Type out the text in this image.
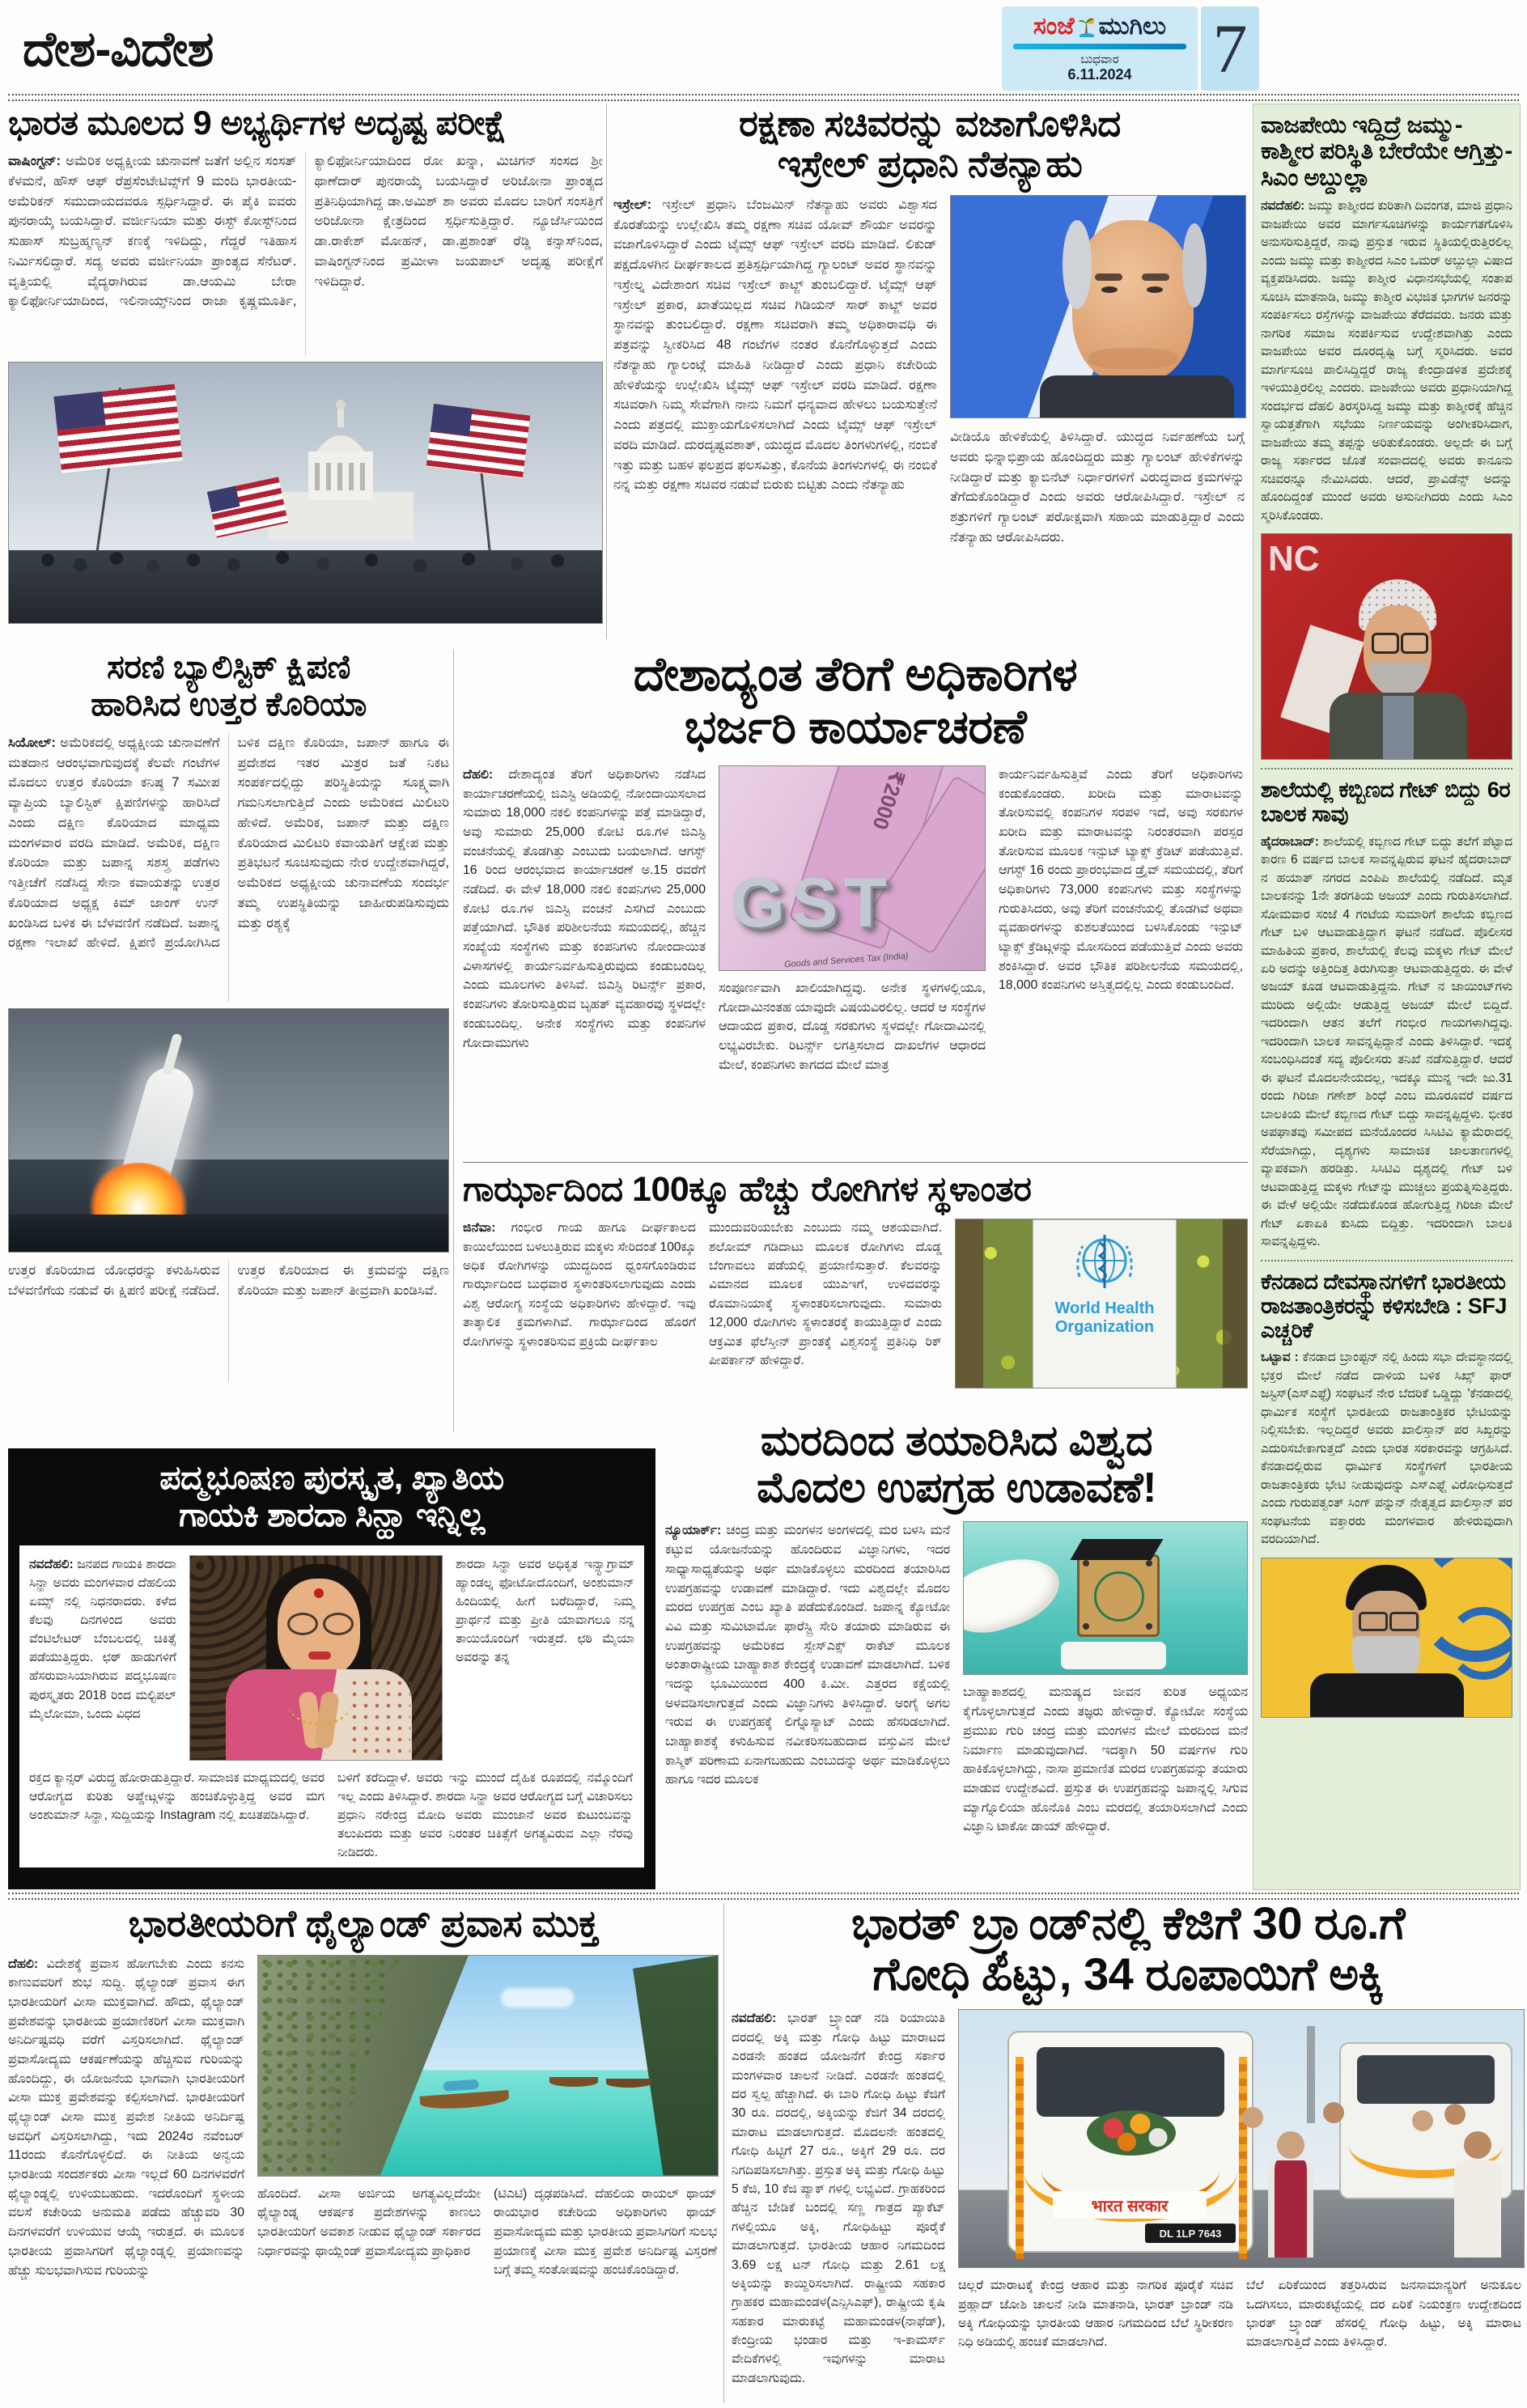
ದೇಶ-ವಿದೇಶ	ಸಂಜೆ ಮುಗಿಲು
ಬುಧವಾರ
6.11.2024	7
ಭಾರತ ಮೂಲದ 9 ಅಭ್ಯರ್ಥಿಗಳ ಅದೃಷ್ಟ ಪರೀಕ್ಷೆ

ವಾಷಿಂಗ್ಟನ್: ಅಮೆರಿಕ ಅಧ್ಯಕ್ಷೀಯ ಚುನಾವಣೆ ಜತೆಗೆ ಅಲ್ಲಿನ ಸಂಸತ್ ಕೆಳಮನೆ, ಹೌಸ್ ಆಫ್ ರೆಪ್ರಸೆಂಟೇಟಿವ್ಸ್‌ಗೆ 9 ಮಂದಿ ಭಾರತೀಯ-ಅಮೆರಿಕನ್ ಸಮುದಾಯದವರೂ ಸ್ಪರ್ಧಿಸಿದ್ದಾರೆ. ಈ ಪೈಕಿ ಐವರು ಪುನರಾಯ್ಕೆ ಬಯಸಿದ್ದಾರೆ. ವರ್ಜೀನಿಯಾ ಮತ್ತು ಈಸ್ಟ್ ಕೋಸ್ಟ್‌ನಿಂದ ಸುಹಾಸ್ ಸುಬ್ರಹ್ಮಣ್ಯನ್ ಕಣಕ್ಕೆ ಇಳಿದಿದ್ದು, ಗೆದ್ದರೆ ಇತಿಹಾಸ ನಿರ್ಮಿಸಲಿದ್ದಾರೆ. ಸದ್ಯ ಅವರು ವರ್ಜೀನಿಯಾ ಪ್ರಾಂತ್ಯದ ಸೆನೆಟರ್. ವೃತ್ತಿಯಲ್ಲಿ ವೈದ್ಯರಾಗಿರುವ ಡಾ.ಆಯಮಿ ಬೇರಾ ಕ್ಯಾಲಿಫೋರ್ನಿಯಾದಿಂದ, ಇಲಿನಾಯ್ಸ್‌ನಿಂದ ರಾಜಾ ಕೃಷ್ಣಮೂರ್ತಿ, ಕ್ಯಾಲಿಫೋರ್ನಿಯಾದಿಂದ ರೋ ಖನ್ನಾ, ಮಿಚಿಗನ್ ಸಂಸದ ಶ್ರೀ ಥಾಣೆದಾರ್ ಪುನರಾಯ್ಕೆ ಬಯಸಿದ್ದಾರೆ ಅರಿಜೋನಾ ಪ್ರಾಂತ್ಯದ ಪ್ರತಿನಿಧಿಯಾಗಿದ್ದ ಡಾ.ಅಮಿಶ್ ಶಾ ಅವರು ಮೊದಲ ಬಾರಿಗೆ ಸಂಸತ್ತಿಗೆ ಅರಿಜೋನಾ ಕ್ಷೇತ್ರದಿಂದ ಸ್ಪರ್ಧಿಸುತ್ತಿದ್ದಾರೆ. ನ್ಯೂಜೆರ್ಸಿಯಿಂದ ಡಾ.ರಾಕೇಶ್ ಮೋಹನ್, ಡಾ.ಪ್ರಶಾಂತ್ ರೆಡ್ಡಿ ಕನ್ಸಾಸ್‌ನಿಂದ, ವಾಷಿಂಗ್ಟನ್‌ನಿಂದ ಪ್ರಮೀಳಾ ಜಯಪಾಲ್ ಅದೃಷ್ಟ ಪರೀಕ್ಷೆಗೆ ಇಳಿದಿದ್ದಾರೆ.

ರಕ್ಷಣಾ ಸಚಿವರನ್ನು ವಜಾಗೊಳಿಸಿದ
ಇಸ್ರೇಲ್ ಪ್ರಧಾನಿ ನೆತನ್ಯಾಹು
ಇಸ್ರೇಲ್: ಇಸ್ರೇಲ್ ಪ್ರಧಾನಿ ಬೆಂಜಮಿನ್ ನೆತನ್ಯಾಹು ಅವರು ವಿಶ್ವಾಸದ ಕೊರತೆಯನ್ನು ಉಲ್ಲೇಖಿಸಿ ತಮ್ಮ ರಕ್ಷಣಾ ಸಚಿವ ಯೋವ್ ಶೌರ್ಯ ಅವರನ್ನು ವಜಾಗೊಳಿಸಿದ್ದಾರೆ ಎಂದು ಟೈಮ್ಸ್ ಆಫ್ ಇಸ್ರೇಲ್ ವರದಿ ಮಾಡಿದೆ. ಲಿಕುಡ್ ಪಕ್ಷದೊಳಗಿನ ದೀರ್ಘಕಾಲದ ಪ್ರತಿಸ್ಪರ್ಧಿಯಾಗಿದ್ದ ಗ್ಯಾಲಂಟ್ ಅವರ ಸ್ಥಾನವನ್ನು ಇಸ್ರೇಲ್ನ ವಿದೇಶಾಂಗ ಸಚಿವ ಇಸ್ರೇಲ್ ಕಾಟ್ಜ್ ತುಂಬಲಿದ್ದಾರೆ. ಟೈಮ್ಸ್ ಆಫ್ ಇಸ್ರೇಲ್ ಪ್ರಕಾರ, ಖಾತೆಯಿಲ್ಲದ ಸಚಿವ ಗಿಡಿಯನ್ ಸಾರ್ ಕಾಟ್ಜ್ ಅವರ ಸ್ಥಾನವನ್ನು ತುಂಬಲಿದ್ದಾರೆ. ರಕ್ಷಣಾ ಸಚಿವರಾಗಿ ತಮ್ಮ ಅಧಿಕಾರಾವಧಿ ಈ ಪತ್ರವನ್ನು ಸ್ವೀಕರಿಸಿದ 48 ಗಂಟೆಗಳ ನಂತರ ಕೊನೆಗೊಳ್ಳುತ್ತದೆ ಎಂದು ನೆತನ್ಯಾಹು ಗ್ಯಾಲಂಟ್ಗೆ ಮಾಹಿತಿ ನೀಡಿದ್ದಾರೆ ಎಂದು ಪ್ರಧಾನಿ ಕಚೇರಿಯ ಹೇಳಿಕೆಯನ್ನು ಉಲ್ಲೇಖಿಸಿ ಟೈಮ್ಸ್ ಆಫ್ ಇಸ್ರೇಲ್ ವರದಿ ಮಾಡಿದೆ. ರಕ್ಷಣಾ ಸಚಿವರಾಗಿ ನಿಮ್ಮ ಸೇವೆಗಾಗಿ ನಾನು ನಿಮಗೆ ಧನ್ಯವಾದ ಹೇಳಲು ಬಯಸುತ್ತೇನೆ ಎಂದು ಪತ್ರದಲ್ಲಿ ಮುಕ್ತಾಯಗೊಳಿಸಲಾಗಿದೆ ಎಂದು ಟೈಮ್ಸ್ ಆಫ್ ಇಸ್ರೇಲ್ ವರದಿ ಮಾಡಿದೆ. ದುರದೃಷ್ಟವಶಾತ್, ಯುದ್ಧದ ಮೊದಲ ತಿಂಗಳುಗಳಲ್ಲಿ, ನಂಬಿಕೆ ಇತ್ತು ಮತ್ತು ಬಹಳ ಫಲಪ್ರದ ಫಲಸವಿತ್ತು, ಕೊನೆಯ ತಿಂಗಳುಗಳಲ್ಲಿ ಈ ನಂಬಿಕೆ ನನ್ನ ಮತ್ತು ರಕ್ಷಣಾ ಸಚಿವರ ನಡುವೆ ಬಿರುಕು ಬಿಟ್ಟಿತು ಎಂದು ನೆತನ್ಯಾಹು
ವೀಡಿಯೊ ಹೇಳಿಕೆಯಲ್ಲಿ ತಿಳಿಸಿದ್ದಾರೆ. ಯುದ್ಧದ ನಿರ್ವಹಣೆಯ ಬಗ್ಗೆ ಅವರು ಭಿನ್ನಾಭಿಪ್ರಾಯ ಹೊಂದಿದ್ದರು ಮತ್ತು ಗ್ಯಾಲಂಟ್ ಹೇಳಿಕೆಗಳನ್ನು ನೀಡಿದ್ದಾರೆ ಮತ್ತು ಕ್ಯಾಬಿನೆಟ್ ನಿರ್ಧಾರಗಳಿಗೆ ವಿರುದ್ಧವಾದ ಕ್ರಮಗಳನ್ನು ತೆಗೆದುಕೊಂಡಿದ್ದಾರೆ ಎಂದು ಅವರು ಆರೋಪಿಸಿದ್ದಾರೆ. ಇಸ್ರೇಲ್ ನ ಶತ್ರುಗಳಿಗೆ ಗ್ಯಾಲಂಟ್ ಪರೋಕ್ಷವಾಗಿ ಸಹಾಯ ಮಾಡುತ್ತಿದ್ದಾರೆ ಎಂದು ನೆತನ್ಯಾಹು ಆರೋಪಿಸಿದರು.
ವಾಜಪೇಯಿ ಇದ್ದಿದ್ರೆ ಜಮ್ಮು-ಕಾಶ್ಮೀರ ಪರಿಸ್ಥಿತಿ ಬೇರೆಯೇ ಆಗ್ತಿತ್ತು- ಸಿಎಂ ಅಬ್ದುಲ್ಲಾ
ನವದೆಹಲಿ: ಜಮ್ಮು ಕಾಶ್ಮೀರದ ಕುರಿತಾಗಿ ದಿವಂಗತ, ಮಾಜಿ ಪ್ರಧಾನಿ ವಾಜಪೇಯಿ ಅವರ ಮಾರ್ಗಸೂಚಿಗಳನ್ನು ಕಾರ್ಯಗತಗೊಳಿಸಿ ಅನುಸರಿಸುತ್ತಿದ್ದರೆ, ನಾವು ಪ್ರಸ್ತುತ ಇರುವ ಸ್ಥಿತಿಯಲ್ಲಿರುತ್ತಿರಲಿಲ್ಲ ಎಂದು ಜಮ್ಮು ಮತ್ತು ಕಾಶ್ಮೀರದ ಸಿಎಂ ಒಮರ್ ಅಬ್ದುಲ್ಲಾ ವಿಷಾದ ವ್ಯಕ್ತಪಡಿಸಿದರು. ಜಮ್ಮು ಕಾಶ್ಮೀರ ವಿಧಾನಸಭೆಯಲ್ಲಿ ಸಂತಾಪ ಸೂಚಿಸಿ ಮಾತನಾಡಿ, ಜಮ್ಮು ಕಾಶ್ಮೀರ ವಿಭಜಿತ ಭಾಗಗಳ ಜನರನ್ನು ಸಂಪರ್ಕಿಸಲು ರಸ್ತೆಗಳನ್ನು ವಾಜಪೇಯಿ ತೆರೆದವರು. ಜನರು ಮತ್ತು ನಾಗರಿಕ ಸಮಾಜ ಸಂಪರ್ಕಿಸುವ ಉದ್ದೇಶವಾಗಿತ್ತು ಎಂದು ವಾಜಪೇಯಿ ಅವರ ದೂರದೃಷ್ಟಿ ಬಗ್ಗೆ ಸ್ಮರಿಸಿದರು. ಅವರ ಮಾರ್ಗಸೂಚಿ ಪಾಲಿಸಿದ್ದಿದ್ದರೆ ರಾಜ್ಯ ಕೇಂದ್ರಾಡಳಿತ ಪ್ರದೇಶಕ್ಕೆ ಇಳಿಯುತ್ತಿರಲಿಲ್ಲ ಎಂದರು. ವಾಜಪೇಯಿ ಅವರು ಪ್ರಧಾನಿಯಾಗಿದ್ದ ಸಂದರ್ಭದ ದೆಹಲಿ ತಿರಸ್ಕರಿಸಿದ್ದ ಜಮ್ಮು ಮತ್ತು ಕಾಶ್ಮೀರಕ್ಕೆ ಹೆಚ್ಚಿನ ಸ್ವಾಯತ್ತತೆಗಾಗಿ ಸಭೆಯು ನಿರ್ಣಯವನ್ನು ಅಂಗೀಕರಿಸಿದಾಗ, ವಾಜಪೇಯಿ ತಮ್ಮ ತಪ್ಪನ್ನು ಅರಿತುಕೊಂಡರು. ಅಲ್ಲದೇ ಈ ಬಗ್ಗೆ ರಾಜ್ಯ ಸರ್ಕಾರದ ಜೊತೆ ಸಂವಾದದಲ್ಲಿ ಅವರು ಕಾನೂನು ಸಚಿವರನ್ನೂ ನೇಮಿಸಿದರು. ಆದರೆ, ಪ್ರಾವಿಡೆನ್ಸ್ ಅದನ್ನು ಹೊಂದಿದ್ದಂತೆ ಮುಂದೆ ಅವರು ಅಸುನೀಗಿದರು ಎಂದು ಸಿಎಂ ಸ್ಮರಿಸಿಕೊಂಡರು.
NC
ಶಾಲೆಯಲ್ಲಿ ಕಬ್ಬಿಣದ ಗೇಟ್ ಬಿದ್ದು 6ರ ಬಾಲಕ ಸಾವು
ಹೈದರಾಬಾದ್: ಶಾಲೆಯಲ್ಲಿ ಕಬ್ಬಿಣದ ಗೇಟ್ ಬಿದ್ದು ತಲೆಗೆ ಪೆಟ್ಟಾದ ಕಾರಣ 6 ವರ್ಷದ ಬಾಲಕ ಸಾವನ್ನಪ್ಪಿರುವ ಘಟನೆ ಹೈದರಾಬಾದ್ ನ ಹಯಾತ್ ನಗರದ ಎಂಪಿಪಿ ಶಾಲೆಯಲ್ಲಿ ನಡೆದಿದೆ. ಮೃತ ಬಾಲಕನನ್ನು 1ನೇ ತರಗತಿಯ ಅಜಯ್ ಎಂದು ಗುರುತಿಸಲಾಗಿದೆ. ಸೋಮವಾರ ಸಂಜೆ 4 ಗಂಟೆಯ ಸುಮಾರಿಗೆ ಶಾಲೆಯ ಕಬ್ಬಿಣದ ಗೇಟ್ ಬಳಿ ಆಟವಾಡುತ್ತಿದ್ದಾಗ ಘಟನೆ ನಡೆದಿದೆ. ಪೊಲೀಸರ ಮಾಹಿತಿಯ ಪ್ರಕಾರ, ಶಾಲೆಯಲ್ಲಿ ಕೆಲವು ಮಕ್ಕಳು ಗೇಟ್ ಮೇಲೆ ಏರಿ ಅದನ್ನು ಅತ್ತಿಂದಿತ್ತ ತಿರುಗಿಸುತ್ತಾ ಆಟವಾಡುತ್ತಿದ್ದರು. ಈ ವೇಳೆ ಅಜಯ್ ಕೂಡ ಆಟವಾಡುತ್ತಿದ್ದನು. ಗೇಟ್ ನ ಜಾಯಿಂಟ್‌ಗಳು ಮುರಿದು ಅಲ್ಲಿಯೇ ಆಡುತ್ತಿದ್ದ ಅಜಯ್ ಮೇಲೆ ಬಿದ್ದಿದೆ. ಇದರಿಂದಾಗಿ ಆತನ ತಲೆಗೆ ಗಂಭೀರ ಗಾಯಗಳಾಗಿದ್ದವು. ಇದರಿಂದಾಗಿ ಬಾಲಕ ಸಾವನ್ನಪ್ಪಿದ್ದಾನೆ ಎಂದು ತಿಳಿಸಿದ್ದಾರೆ. ಇದಕ್ಕೆ ಸಂಬಂಧಿಸಿದಂತೆ ಸದ್ಯ ಪೊಲೀಸರು ತನಿಖೆ ನಡೆಸುತ್ತಿದ್ದಾರೆ. ಆದರೆ ಈ ಘಟನೆ ಮೊದಲನೇಯದಲ್ಲ, ಇದಕ್ಕೂ ಮುನ್ನ ಇದೇ ಜು.31 ರಂದು ಗಿರಿಜಾ ಗಣೇಶ್ ಶಿಂಧೆ ಎಂಬ ಮೂರೂವರೆ ವರ್ಷದ ಬಾಲಕಿಯ ಮೇಲೆ ಕಬ್ಬಿಣದ ಗೇಟ್ ಬಿದ್ದು ಸಾವನ್ನಪ್ಪಿದ್ದಳು. ಭೀಕರ ಅಪಘಾತವು ಸಮೀಪದ ಮನೆಯೊಂದರ ಸಿಸಿಟಿವಿ ಕ್ಯಾಮೆರಾದಲ್ಲಿ ಸೆರೆಯಾಗಿದ್ದು, ದೃಶ್ಯಗಳು ಸಾಮಾಜಿಕ ಜಾಲತಾಣಗಳಲ್ಲಿ ವ್ಯಾಪಕವಾಗಿ ಹರಡಿತ್ತು. ಸಿಸಿಟಿವಿ ದೃಶ್ಯದಲ್ಲಿ ಗೇಟ್ ಬಳಿ ಆಟವಾಡುತ್ತಿದ್ದ ಮಕ್ಕಳು ಗೇಟ್‌ನ್ನು ಮುಚ್ಚಲು ಪ್ರಯತ್ನಿಸುತ್ತಿದ್ದರು. ಈ ವೇಳೆ ಅಲ್ಲಿಯೇ ನಡೆದುಕೊಂಡ ಹೋಗುತ್ತಿದ್ದ ಗಿರಿಜಾ ಮೇಲೆ ಗೇಟ್ ಏಕಾಏಕಿ ಕುಸಿದು ಬಿದ್ದಿತ್ತು. ಇದರಿಂದಾಗಿ ಬಾಲಕಿ ಸಾವನ್ನಪ್ಪಿದ್ದಳು.
ಕೆನಡಾದ ದೇವಸ್ಥಾನಗಳಿಗೆ ಭಾರತೀಯ ರಾಜತಾಂತ್ರಿಕರನ್ನು ಕಳಿಸಬೇಡಿ : SFJ ಎಚ್ಚರಿಕೆ
ಒಟ್ಟಾವ : ಕೆನಡಾದ ಬ್ರಾಂಪ್ಟನ್ ನಲ್ಲಿ ಹಿಂದು ಸಭಾ ದೇವಸ್ಥಾನದಲ್ಲಿ ಭಕ್ತರ ಮೇಲೆ ನಡೆದ ದಾಳಿಯ ಬಳಿಕ ಸಿಖ್ಸ್ ಫಾರ್ ಜಸ್ಟಿಸ್(ಎಸ್ಎಫ್ಜೆ) ಸಂಘಟನೆ ನೇರ ಬೆದರಿಕೆ ಒಡ್ಡಿದ್ದು 'ಕೆನಡಾದಲ್ಲಿ ಧಾರ್ಮಿಕ ಸಂಸ್ಥೆಗೆ ಭಾರತೀಯ ರಾಜತಾಂತ್ರಿಕರ ಭೇಟಿಯನ್ನು ನಿಲ್ಲಿಸಬೇಕು. ಇಲ್ಲದಿದ್ದರೆ ಅವರು ಖಾಲಿಸ್ತಾನ್ ಪರ ಸಿಖ್ಖರನ್ನು ಎದುರಿಸಬೇಕಾಗುತ್ತದೆ' ಎಂದು ಭಾರತ ಸರಕಾರವನ್ನು ಆಗ್ರಹಿಸಿದೆ. ಕೆನಡಾದಲ್ಲಿರುವ ಧಾರ್ಮಿಕ ಸಂಸ್ಥೆಗಳಿಗೆ ಭಾರತೀಯ ರಾಜತಾಂತ್ರಿಕರು ಭೇಟಿ ನೀಡುವುದನ್ನು ಎಸ್ಎಫ್ಜೆ ವಿರೋಧಿಸುತ್ತದೆ ಎಂದು ಗುರುಪತ್ವಂತ್ ಸಿಂಗ್ ಪನ್ನುನ್ ನೇತೃತ್ವದ ಖಾಲಿಸ್ತಾನ್ ಪರ ಸಂಘಟನೆಯ ವಕ್ತಾರರು ಮಂಗಳವಾರ ಹೇಳಿರುವುದಾಗಿ ವರದಿಯಾಗಿದೆ.
ಸರಣಿ ಬ್ಯಾಲಿಸ್ಟಿಕ್ ಕ್ಷಿಪಣಿ
ಹಾರಿಸಿದ ಉತ್ತರ ಕೊರಿಯಾ

ಸಿಯೋಲ್: ಅಮೆರಿಕದಲ್ಲಿ ಅಧ್ಯಕ್ಷೀಯ ಚುನಾವಣೆಗೆ ಮತದಾನ ಆರಂಭವಾಗುವುದಕ್ಕೆ ಕೆಲವೇ ಗಂಟೆಗಳ ಮೊದಲು ಉತ್ತರ ಕೊರಿಯಾ ಕನಿಷ್ಠ 7 ಸಮೀಪ ವ್ಯಾಪ್ತಿಯ ಬ್ಯಾಲಿಸ್ಟಿಕ್ ಕ್ಷಿಪಣಿಗಳನ್ನು ಹಾರಿಸಿದೆ ಎಂದು ದಕ್ಷಿಣ ಕೊರಿಯಾದ ಮಾಧ್ಯಮ ಮಂಗಳವಾರ ವರದಿ ಮಾಡಿದೆ. ಅಮೆರಿಕ, ದಕ್ಷಿಣ ಕೊರಿಯಾ ಮತ್ತು ಜಪಾನ್ನ ಸಶಸ್ತ್ರ ಪಡೆಗಳು ಇತ್ತೀಚೆಗೆ ನಡೆಸಿದ್ದ ಸೇನಾ ಕವಾಯತನ್ನು ಉತ್ತರ ಕೊರಿಯಾದ ಅಧ್ಯಕ್ಷ ಕಿಮ್ ಜಾಂಗ್ ಉನ್ ಖಂಡಿಸಿದ ಬಳಿಕ ಈ ಬೆಳವಣಿಗೆ ನಡೆದಿದೆ. ಜಪಾನ್ನ ರಕ್ಷಣಾ ಇಲಾಖೆ ಹೇಳಿದೆ. ಕ್ಷಿಪಣಿ ಪ್ರಯೋಗಿಸಿದ ಬಳಿಕ ದಕ್ಷಿಣ ಕೊರಿಯಾ, ಜಪಾನ್ ಹಾಗೂ ಈ ಪ್ರದೇಶದ ಇತರ ಮಿತ್ರರ ಜತೆ ನಿಕಟ ಸಂಪರ್ಕದಲ್ಲಿದ್ದು ಪರಿಸ್ಥಿತಿಯನ್ನು ಸೂಕ್ಷ್ಮವಾಗಿ ಗಮನಿಸಲಾಗುತ್ತಿದೆ ಎಂದು ಅಮೆರಿಕದ ಮಿಲಿಟರಿ ಹೇಳಿದೆ. ಅಮೆರಿಕ, ಜಪಾನ್ ಮತ್ತು ದಕ್ಷಿಣ ಕೊರಿಯಾದ ಮಿಲಿಟರಿ ಕವಾಯತಿಗೆ ಆಕ್ಷೇಪ ಮತ್ತು ಪ್ರತಿಭಟನೆ ಸೂಚಿಸುವುದು ನೇರ ಉದ್ದೇಶವಾಗಿದ್ದರೆ, ಅಮೆರಿಕದ ಅಧ್ಯಕ್ಷೀಯ ಚುನಾವಣೆಯ ಸಂದರ್ಭ ತಮ್ಮ ಉಪಸ್ಥಿತಿಯನ್ನು ಜಾಹೀರುಪಡಿಸುವುದು ಮತ್ತು ರಶ್ಯಕ್ಕೆ

ಉತ್ತರ ಕೊರಿಯಾದ ಯೋಧರನ್ನು ಕಳುಹಿಸಿರುವ ಬೆಳವಣಿಗೆಯ ನಡುವೆ ಈ ಕ್ಷಿಪಣಿ ಪರೀಕ್ಷೆ ನಡೆದಿದೆ. ಉತ್ತರ ಕೊರಿಯಾದ ಈ ಕ್ರಮವನ್ನು ದಕ್ಷಿಣ ಕೊರಿಯಾ ಮತ್ತು ಜಪಾನ್ ತೀವ್ರವಾಗಿ ಖಂಡಿಸಿವೆ.

ದೇಶಾದ್ಯಂತ ತೆರಿಗೆ ಅಧಿಕಾರಿಗಳ
ಭರ್ಜರಿ ಕಾರ್ಯಾಚರಣೆ
ದೆಹಲಿ: ದೇಶಾದ್ಯಂತ ತೆರಿಗೆ ಅಧಿಕಾರಿಗಳು ನಡೆಸಿದ ಕಾರ್ಯಾಚರಣೆಯಲ್ಲಿ ಜಿಎಸ್ಟಿ ಅಡಿಯಲ್ಲಿ ನೋಂದಾಯಿಸಲಾದ ಸುಮಾರು 18,000 ನಕಲಿ ಕಂಪನಿಗಳನ್ನು ಪತ್ತೆ ಮಾಡಿದ್ದಾರೆ, ಅವು ಸುಮಾರು 25,000 ಕೋಟಿ ರೂ.ಗಳ ಜಿಎಸ್ಟಿ ವಂಚನೆಯಲ್ಲಿ ತೊಡಗಿತ್ತು ಎಂಬುದು ಬಯಲಾಗಿದೆ. ಆಗಸ್ಟ್ 16 ರಿಂದ ಆರಂಭವಾದ ಕಾರ್ಯಾಚರಣೆ ಅ.15 ರವರೆಗೆ ನಡೆದಿದೆ. ಈ ವೇಳೆ 18,000 ನಕಲಿ ಕಂಪನಿಗಳು 25,000 ಕೋಟಿ ರೂ.ಗಳ ಜಿಎಸ್ಟಿ ವಂಚನೆ ಎಸಗಿದೆ ಎಂಬುದು ಪತ್ತೆಯಾಗಿದೆ. ಭೌತಿಕ ಪರಿಶೀಲನೆಯ ಸಮಯದಲ್ಲಿ, ಹೆಚ್ಚಿನ ಸಂಖ್ಯೆಯ ಸಂಸ್ಥೆಗಳು ಮತ್ತು ಕಂಪನಿಗಳು ನೋಂದಾಯಿತ ವಿಳಾಸಗಳಲ್ಲಿ ಕಾರ್ಯನಿರ್ವಹಿಸುತ್ತಿರುವುದು ಕಂಡುಬಂದಿಲ್ಲ ಎಂದು ಮೂಲಗಳು ತಿಳಿಸಿವೆ. ಜಿಎಸ್ಟಿ ರಿಟರ್ನ್ಸ್ ಪ್ರಕಾರ, ಕಂಪನಿಗಳು ತೋರಿಸುತ್ತಿರುವ ಬೃಹತ್ ವ್ಯವಹಾರವು ಸ್ಥಳದಲ್ಲೇ ಕಂಡುಬಂದಿಲ್ಲ. ಅನೇಕ ಸಂಸ್ಥೆಗಳು ಮತ್ತು ಕಂಪನಿಗಳ ಗೋದಾಮುಗಳು
₹2000
GST
Goods and Services Tax (India)
ಸಂಪೂರ್ಣವಾಗಿ ಖಾಲಿಯಾಗಿದ್ದವು. ಅನೇಕ ಸ್ಥಳಗಳಲ್ಲಿಯೂ, ಗೋದಾಮಿನಂತಹ ಯಾವುದೇ ವಿಷಯವಿರಲಿಲ್ಲ. ಆದರೆ ಆ ಸಂಸ್ಥೆಗಳ ಆದಾಯದ ಪ್ರಕಾರ, ದೊಡ್ಡ ಸರಕುಗಳು ಸ್ಥಳದಲ್ಲೇ ಗೋದಾಮಿನಲ್ಲಿ ಲಭ್ಯವಿರಬೇಕು. ರಿಟರ್ನ್ಸ್ ಲಗತ್ತಿಸಲಾದ ದಾಖಲೆಗಳ ಆಧಾರದ ಮೇಲೆ, ಕಂಪನಿಗಳು ಕಾಗದದ ಮೇಲೆ ಮಾತ್ರ
ಕಾರ್ಯನಿರ್ವಹಿಸುತ್ತಿವೆ ಎಂದು ತೆರಿಗೆ ಅಧಿಕಾರಿಗಳು ಕಂಡುಕೊಂಡರು. ಖರೀದಿ ಮತ್ತು ಮಾರಾಟವನ್ನು ತೋರಿಸುವಲ್ಲಿ ಕಂಪನಿಗಳ ಸರಪಳಿ ಇದೆ, ಅವು ಸರಕುಗಳ ಖರೀದಿ ಮತ್ತು ಮಾರಾಟವನ್ನು ನಿರಂತರವಾಗಿ ಪರಸ್ಪರ ತೋರಿಸುವ ಮೂಲಕ ಇನ್ಪುಟ್ ಟ್ಯಾಕ್ಸ್ ಕ್ರೆಡಿಟ್ ಪಡೆಯುತ್ತಿವೆ. ಆಗಸ್ಟ್ 16 ರಂದು ಪ್ರಾರಂಭವಾದ ಡ್ರೈವ್ ಸಮಯದಲ್ಲಿ, ತೆರಿಗೆ ಅಧಿಕಾರಿಗಳು 73,000 ಕಂಪನಿಗಳು ಮತ್ತು ಸಂಸ್ಥೆಗಳನ್ನು ಗುರುತಿಸಿದರು, ಅವು ತೆರಿಗೆ ವಂಚನೆಯಲ್ಲಿ ತೊಡಗಿವೆ ಅಥವಾ ವ್ಯವಹಾರಗಳನ್ನು ಕುಶಲತೆಯಿಂದ ಬಳಸಿಕೊಂಡು ಇನ್ಪುಟ್ ಟ್ಯಾಕ್ಸ್ ಕ್ರೆಡಿಟ್ಗಳನ್ನು ಮೋಸದಿಂದ ಪಡೆಯುತ್ತಿವೆ ಎಂದು ಅವರು ಶಂಕಿಸಿದ್ದಾರೆ. ಅವರ ಭೌತಿಕ ಪರಿಶೀಲನೆಯ ಸಮಯದಲ್ಲಿ, 18,000 ಕಂಪನಿಗಳು ಅಸ್ತಿತ್ವದಲ್ಲಿಲ್ಲ ಎಂದು ಕಂಡುಬಂದಿದೆ.
ಗಾರ್ಝಾದಿಂದ 100ಕ್ಕೂ ಹೆಚ್ಚು ರೋಗಿಗಳ ಸ್ಥಳಾಂತರ
ಜಿನೆವಾ: ಗಂಭೀರ ಗಾಯ ಹಾಗೂ ದೀರ್ಘಕಾಲದ ಕಾಯಿಲೆಯಿಂದ ಬಳಲುತ್ತಿರುವ ಮಕ್ಕಳು ಸೇರಿದಂತೆ 100ಕ್ಕೂ ಅಧಿಕ ರೋಗಿಗಳನ್ನು ಯುದ್ಧದಿಂದ ಧ್ವಂಸಗೊಂಡಿರುವ ಗಾರ್ಝಾದಿಂದ ಬುಧವಾರ ಸ್ಥಳಾಂತರಿಸಲಾಗುವುದು ಎಂದು ವಿಶ್ವ ಆರೋಗ್ಯ ಸಂಸ್ಥೆಯ ಅಧಿಕಾರಿಗಳು ಹೇಳಿದ್ದಾರೆ. ಇವು ತಾತ್ಕಾಲಿಕ ಕ್ರಮಗಳಾಗಿವೆ. ಗಾರ್ಝಾದಿಂದ ಹೊರಗೆ ರೋಗಿಗಳನ್ನು ಸ್ಥಳಾಂತರಿಸುವ ಪ್ರಕ್ರಿಯೆ ದೀರ್ಘಕಾಲ
ಮುಂದುವರಿಯಬೇಕು ಎಂಬುದು ನಮ್ಮ ಆಶಯವಾಗಿದೆ. ಶಲೋಮ್ ಗಡಿದಾಟು ಮೂಲಕ ರೋಗಿಗಳು ದೊಡ್ಡ ಬೆಂಗಾವಲು ಪಡೆಯಲ್ಲಿ ಪ್ರಯಾಣಿಸುತ್ತಾರೆ. ಕೆಲವರನ್ನು ವಿಮಾನದ ಮೂಲಕ ಯುಎಇಗೆ, ಉಳಿದವರನ್ನು ರೊಮಾನಿಯಾಕ್ಕೆ ಸ್ಥಳಾಂತರಿಸಲಾಗುವುದು. ಸುಮಾರು 12,000 ರೋಗಿಗಳು ಸ್ಥಳಾಂತರಕ್ಕೆ ಕಾಯುತ್ತಿದ್ದಾರೆ ಎಂದು ಆಕ್ರಮಿತ ಫೆಲೆಸ್ತೀನ್ ಪ್ರಾಂತಕ್ಕೆ ವಿಶ್ವಸಂಸ್ಥೆ ಪ್ರತಿನಿಧಿ ರಿಕ್ ಪೀಪರ್ಕಾನ್ ಹೇಳಿದ್ದಾರೆ.
World Health
Organization
ಪದ್ಮಭೂಷಣ ಪುರಸ್ಕೃತ, ಖ್ಯಾತಿಯ
ಗಾಯಕಿ ಶಾರದಾ ಸಿನ್ಹಾ ಇನ್ನಿಲ್ಲ
ನವದೆಹಲಿ: ಜನಪದ ಗಾಯಕಿ ಶಾರದಾ ಸಿನ್ಹಾ ಅವರು ಮಂಗಳವಾರ ದೆಹಲಿಯ ಏಮ್ಸ್ ನಲ್ಲಿ ನಿಧನರಾದರು. ಕಳೆದ ಕೆಲವು ದಿನಗಳಿಂದ ಅವರು ವೆಂಟಿಲೇಟರ್ ಬೆಂಬಲದಲ್ಲಿ ಚಿಕಿತ್ಸೆ ಪಡೆಯುತ್ತಿದ್ದರು. ಛಠ್ ಹಾಡುಗಳಿಗೆ ಹೆಸರುವಾಸಿಯಾಗಿರುವ ಪದ್ಮಭೂಷಣ ಪುರಸ್ಕೃತರು 2018 ರಿಂದ ಮಲ್ಟಿಪಲ್ ಮೈಲೋಮಾ, ಒಂದು ವಿಧದ
ಶಾರದಾ ಸಿನ್ಹಾ ಅವರ ಅಧಿಕೃತ ಇನ್ಸ್ಟಾಗ್ರಾಮ್ ಹ್ಯಾಂಡಲ್ನ ಫೋಟೋದೊಂದಿಗೆ, ಅಂಶುಮಾನ್ ಹಿಂದಿಯಲ್ಲಿ ಹೀಗೆ ಬರೆದಿದ್ದಾರೆ, ನಿಮ್ಮ ಪ್ರಾರ್ಥನೆ ಮತ್ತು ಪ್ರೀತಿ ಯಾವಾಗಲೂ ನನ್ನ ತಾಯಿಯೊಂದಿಗೆ ಇರುತ್ತದೆ. ಛಠಿ ಮೈಯಾ ಅವರನ್ನು ತನ್ನ
ರಕ್ತದ ಕ್ಯಾನ್ಸರ್ ವಿರುದ್ಧ ಹೋರಾಡುತ್ತಿದ್ದಾರೆ. ಸಾಮಾಜಿಕ ಮಾಧ್ಯಮದಲ್ಲಿ ಅವರ ಆರೋಗ್ಯದ ಕುರಿತು ಅಪ್ಡೇಟ್ಗಳನ್ನು ಹಂಚಿಕೊಳ್ಳುತ್ತಿದ್ದ ಅವರ ಮಗ ಅಂಶುಮಾನ್ ಸಿನ್ಹಾ, ಸುದ್ದಿಯನ್ನು Instagram ನಲ್ಲಿ ಖಚಿತಪಡಿಸಿದ್ದಾರೆ.
ಬಳಿಗೆ ಕರೆದಿದ್ದಾಳೆ. ಅವರು ಇನ್ನು ಮುಂದೆ ದೈಹಿಕ ರೂಪದಲ್ಲಿ ನಮ್ಮೊಂದಿಗೆ ಇಲ್ಲ ಎಂದು ತಿಳಿಸಿದ್ದಾರೆ. ಶಾರದಾ ಸಿನ್ಹಾ ಅವರ ಆರೋಗ್ಯದ ಬಗ್ಗೆ ವಿಚಾರಿಸಲು ಪ್ರಧಾನಿ ನರೇಂದ್ರ ಮೋದಿ ಅವರು ಮುಂಜಾನೆ ಅವರ ಕುಟುಂಬವನ್ನು ತಲುಪಿದರು ಮತ್ತು ಅವರ ನಿರಂತರ ಚಿಕಿತ್ಸೆಗೆ ಅಗತ್ಯವಿರುವ ಎಲ್ಲಾ ನೆರವು ನೀಡಿದರು.
ಮರದಿಂದ ತಯಾರಿಸಿದ ವಿಶ್ವದ
ಮೊದಲ ಉಪಗ್ರಹ ಉಡಾವಣೆ!
ನ್ಯೂಯಾರ್ಕ್: ಚಂದ್ರ ಮತ್ತು ಮಂಗಳನ ಅಂಗಳದಲ್ಲಿ ಮರ ಬಳಸಿ ಮನೆ ಕಟ್ಟುವ ಯೋಜನೆಯನ್ನು ಹೊಂದಿರುವ ವಿಜ್ಞಾನಿಗಳು, ಇದರ ಸಾಧ್ಯಾಸಾಧ್ಯತೆಯನ್ನು ಅರ್ಥ ಮಾಡಿಕೊಳ್ಳಲು ಮರದಿಂದ ತಯಾರಿಸಿದ ಉಪಗ್ರಹವನ್ನು ಉಡಾವಣೆ ಮಾಡಿದ್ದಾರೆ. ಇದು ವಿಶ್ವದಲ್ಲೇ ಮೊದಲ ಮರದ ಉಪಗ್ರಹ ಎಂಬ ಖ್ಯಾತಿ ಪಡೆದುಕೊಂಡಿದೆ. ಜಪಾನ್ನ ಕ್ಯೋಟೋ ವಿವಿ ಮತ್ತು ಸುಮಿಟಾಮೋ ಫಾರೆಸ್ಟ್ರಿ ಸೇರಿ ತಯಾರು ಮಾಡಿರುವ ಈ ಉಪಗ್ರಹವನ್ನು ಅಮೆರಿಕದ ಸ್ಪೇಸ್ಎಕ್ಸ್ ರಾಕೆಟ್ ಮೂಲಕ ಅಂತಾರಾಷ್ಟ್ರೀಯ ಬಾಹ್ಯಾಕಾಶ ಕೇಂದ್ರಕ್ಕೆ ಉಡಾವಣೆ ಮಾಡಲಾಗಿದೆ. ಬಳಿಕ ಇದನ್ನು ಭೂಮಿಯಿಂದ 400 ಕಿ.ಮೀ. ಎತ್ತರದ ಕಕ್ಷೆಯಲ್ಲಿ ಅಳವಡಿಸಲಾಗುತ್ತದೆ ಎಂದು ವಿಜ್ಞಾನಿಗಳು ತಿಳಿಸಿದ್ದಾರೆ. ಅಂಗೈ ಅಗಲ ಇರುವ ಈ ಉಪಗ್ರಹಕ್ಕೆ ಲಿಗ್ನೊಸ್ಯಾಟ್ ಎಂದು ಹೆಸರಿಡಲಾಗಿದೆ. ಬಾಹ್ಯಾಕಾಶಕ್ಕೆ ಕಳುಹಿಸುವ ನವೀಕರಿಸಬಹುದಾದ ವಸ್ತುವಿನ ಮೇಲೆ ಕಾಸ್ಮಿಕ್ ಪರಿಣಾಮ ಏನಾಗಬಹುದು ಎಂಬುದನ್ನು ಅರ್ಥ ಮಾಡಿಕೊಳ್ಳಲು ಹಾಗೂ ಇದರ ಮೂಲಕ
ಬಾಹ್ಯಾಕಾಶದಲ್ಲಿ ಮನುಷ್ಯದ ಜೀವನ ಕುರಿತ ಅಧ್ಯಯನ ಕೈಗೊಳ್ಳಲಾಗುತ್ತದೆ ಎಂದು ತಜ್ಞರು ಹೇಳಿದ್ದಾರೆ. ಕ್ಯೋಟೋ ಸಂಸ್ಥೆಯ ಪ್ರಮುಖ ಗುರಿ ಚಂದ್ರ ಮತ್ತು ಮಂಗಳನ ಮೇಲೆ ಮರದಿಂದ ಮನೆ ನಿರ್ಮಾಣ ಮಾಡುವುದಾಗಿದೆ. ಇದಕ್ಕಾಗಿ 50 ವರ್ಷಗಳ ಗುರಿ ಹಾಕಿಕೊಳ್ಳಲಾಗಿದ್ದು, ನಾಸಾ ಪ್ರಮಾಣಿತ ಮರದ ಉಪಗ್ರಹವನ್ನು ತಯಾರು ಮಾಡುವ ಉದ್ದೇಶವಿದೆ. ಪ್ರಸ್ತುತ ಈ ಉಪಗ್ರಹವನ್ನು ಜಪಾನ್ನಲ್ಲಿ ಸಿಗುವ ಮ್ಯಾಗ್ನೊಲಿಯಾ ಹೊನೊಕಿ ಎಂಬ ಮರದಲ್ಲಿ ತಯಾರಿಸಲಾಗಿದೆ ಎಂದು ವಿಜ್ಞಾನಿ ಟಾಕೋ ಡಾಯ್ ಹೇಳಿದ್ದಾರೆ.
ಭಾರತೀಯರಿಗೆ ಥೈಲ್ಯಾಂಡ್ ಪ್ರವಾಸ ಮುಕ್ತ
ದೆಹಲಿ: ವಿದೇಶಕ್ಕೆ ಪ್ರವಾಸ ಹೋಗಬೇಕು ಎಂದು ಕನಸು ಕಾಣುವವರಿಗೆ ಶುಭ ಸುದ್ದಿ. ಥೈಲ್ಯಾಂಡ್ ಪ್ರವಾಸ ಈಗ ಭಾರತೀಯರಿಗೆ ವೀಸಾ ಮುಕ್ತವಾಗಿದೆ. ಹೌದು, ಥೈಲ್ಯಾಂಡ್ ಪ್ರವೇಶವನ್ನು ಭಾರತೀಯ ಪ್ರಯಾಣಿಕರಿಗೆ ವೀಸಾ ಮುಕ್ತವಾಗಿ ಅನಿರ್ದಿಷ್ಟವಧಿ ವರೆಗೆ ವಿಸ್ತರಿಸಲಾಗಿದೆ. ಥೈಲ್ಯಾಂಡ್ ಪ್ರವಾಸೋದ್ಯಮ ಆಕರ್ಷಣೆಯನ್ನು ಹೆಚ್ಚಿಸುವ ಗುರಿಯನ್ನು ಹೊಂದಿದ್ದು, ಈ ಯೋಜನೆಯ ಭಾಗವಾಗಿ ಭಾರತೀಯರಿಗೆ ವೀಸಾ ಮುಕ್ತ ಪ್ರವೇಶವನ್ನು ಕಲ್ಪಿಸಲಾಗಿದೆ. ಭಾರತೀಯರಿಗೆ ಥೈಲ್ಯಾಂಡ್ ವೀಸಾ ಮುಕ್ತ ಪ್ರವೇಶ ನೀತಿಯ ಅನಿರ್ದಿಷ್ಟ ಅವಧಿಗೆ ವಿಸ್ತರಿಸಲಾಗಿದ್ದು, ಇದು 2024ರ ನವೆಂಬರ್ 11ರಂದು ಕೊನೆಗೊಳ್ಳಲಿದೆ. ಈ ನೀತಿಯ ಅನ್ವಯ ಭಾರತೀಯ ಸಂದರ್ಶಕರು ವೀಸಾ ಇಲ್ಲದೆ 60 ದಿನಗಳವರೆಗೆ ಥೈಲ್ಯಾಂಡ್ನಲ್ಲಿ ಉಳಿಯಬಹುದು. ಇದರೊಂದಿಗೆ ಸ್ಥಳೀಯ ವಲಸೆ ಕಚೇರಿಯ ಅನುಮತಿ ಪಡೆದು ಹೆಚ್ಚುವರಿ 30 ದಿನಗಳವರೆಗೆ ಉಳಿಯುವ ಆಯ್ಕೆ ಇರುತ್ತದೆ. ಈ ಮೂಲಕ ಭಾರತೀಯ ಪ್ರವಾಸಿಗರಿಗೆ ಥೈಲ್ಯಾಂಡ್ನಲ್ಲಿ ಪ್ರಯಾಣವನ್ನು ಹೆಚ್ಚು ಸುಲಭವಾಗಿಸುವ ಗುರಿಯನ್ನು
ಹೊಂದಿದೆ. ವೀಸಾ ಅರ್ಜಿಯ ಅಗತ್ಯವಿಲ್ಲದೆಯೇ ಥೈಲ್ಯಾಂಡ್ನ ಆಕರ್ಷಕ ಪ್ರದೇಶಗಳನ್ನು ಕಾಣಲು ಭಾರತೀಯರಿಗೆ ಅವಕಾಶ ನೀಡುವ ಥೈಲ್ಯಾಂಡ್ ಸರ್ಕಾರದ ನಿರ್ಧಾರವನ್ನು ಥಾಯ್ಲೆಂಡ್ ಪ್ರವಾಸೋದ್ಯಮ ಪ್ರಾಧಿಕಾರ
(ಟಿಎಟಿ) ದೃಢಪಡಿಸಿದೆ. ದೆಹಲಿಯ ರಾಯಲ್ ಥಾಯ್ ರಾಯಭಾರ ಕಚೇರಿಯ ಅಧಿಕಾರಿಗಳು ಥಾಯ್ ಪ್ರವಾಸೋದ್ಯಮ ಮತ್ತು ಭಾರತೀಯ ಪ್ರವಾಸಿಗರಿಗೆ ಸುಲಭ ಪ್ರಯಾಣಕ್ಕೆ ವೀಸಾ ಮುಕ್ತ ಪ್ರವೇಶ ಅನಿರ್ದಿಷ್ಟ ವಿಸ್ತರಣೆ ಬಗ್ಗೆ ತಮ್ಮ ಸಂತೋಷವನ್ನು ಹಂಚಿಕೊಂಡಿದ್ದಾರೆ.
ಭಾರತ್ ಬ್ರ್ಯಾಂಡ್‌ನಲ್ಲಿ ಕೆಜಿಗೆ 30 ರೂ.ಗೆ
ಗೋಧಿ ಹಿಟ್ಟು, 34 ರೂಪಾಯಿಗೆ ಅಕ್ಕಿ
ನವದೆಹಲಿ: ಭಾರತ್ ಬ್ರ್ಯಾಂಡ್ ನಡಿ ರಿಯಾಯಿತಿ ದರದಲ್ಲಿ ಅಕ್ಕಿ ಮತ್ತು ಗೋಧಿ ಹಿಟ್ಟು ಮಾರಾಟದ ಎರಡನೇ ಹಂತದ ಯೋಜನೆಗೆ ಕೇಂದ್ರ ಸರ್ಕಾರ ಮಂಗಳವಾರ ಚಾಲನೆ ನೀಡಿದೆ. ಎರಡನೇ ಹಂತದಲ್ಲಿ ದರ ಸ್ವಲ್ಪ ಹೆಚ್ಚಾಗಿದೆ. ಈ ಬಾರಿ ಗೋಧಿ ಹಿಟ್ಟು ಕೆಜಿಗೆ 30 ರೂ. ದರದಲ್ಲಿ, ಅಕ್ಕಿಯನ್ನು ಕೆಜಿಗೆ 34 ದರದಲ್ಲಿ ಮಾರಾಟ ಮಾಡಲಾಗುತ್ತದೆ. ಮೊದಲನೇ ಹಂತದಲ್ಲಿ ಗೋಧಿ ಹಿಟ್ಟಿಗೆ 27 ರೂ., ಅಕ್ಕಿಗೆ 29 ರೂ. ದರ ನಿಗದಿಪಡಿಸಲಾಗಿತ್ತು. ಪ್ರಸ್ತುತ ಅಕ್ಕಿ ಮತ್ತು ಗೋಧಿ ಹಿಟ್ಟು 5 ಕೆಜಿ, 10 ಕೆಜಿ ಪ್ಯಾಕ್ ಗಳಲ್ಲಿ ಲಭ್ಯವಿದೆ. ಗ್ರಾಹಕರಿಂದ ಹೆಚ್ಚಿನ ಬೇಡಿಕೆ ಬಂದಲ್ಲಿ ಸಣ್ಣ ಗಾತ್ರದ ಪ್ಯಾಕೆಟ್ ಗಳಲ್ಲಿಯೂ ಅಕ್ಕಿ, ಗೋಧಿಹಿಟ್ಟು ಪೂರೈಕೆ ಮಾಡಲಾಗುತ್ತದೆ. ಭಾರತೀಯ ಆಹಾರ ನಿಗಮದಿಂದ 3.69 ಲಕ್ಷ ಟನ್ ಗೋಧಿ ಮತ್ತು 2.61 ಲಕ್ಷ ಅಕ್ಕಿಯನ್ನು ಕಾಯ್ದಿರಿಸಲಾಗಿದೆ. ರಾಷ್ಟ್ರೀಯ ಸಹಕಾರ ಗ್ರಾಹಕರ ಮಹಾಮಂಡಳ(ಎನ್ಸಿಸಿಎಫ್), ರಾಷ್ಟ್ರೀಯ ಕೃಷಿ ಸಹಕಾರ ಮಾರುಕಟ್ಟೆ ಮಹಾಮಂಡಳ(ನಾಫೆಡ್), ಕೇಂದ್ರೀಯ ಭಂಡಾರ ಮತ್ತು ಇ-ಕಾಮರ್ಸ್ ವೇದಿಕೆಗಳಲ್ಲಿ ಇವುಗಳನ್ನು ಮಾರಾಟ ಮಾಡಲಾಗುವುದು.
भारत सरकार
DL 1LP 7643
ಚಿಲ್ಲರೆ ಮಾರಾಟಕ್ಕೆ ಕೇಂದ್ರ ಆಹಾರ ಮತ್ತು ನಾಗರಿಕ ಪೂರೈಕೆ ಸಚಿವ ಪ್ರಹ್ಲಾದ್ ಜೋಶಿ ಚಾಲನೆ ನೀಡಿ ಮಾತನಾಡಿ, ಭಾರತ್ ಬ್ರಾಂಡ್ ನಡಿ ಅಕ್ಕಿ ಗೋಧಿಯನ್ನು ಭಾರತೀಯ ಆಹಾರ ನಿಗಮದಿಂದ ಬೆಲೆ ಸ್ಥಿರೀಕರಣ ನಿಧಿ ಅಡಿಯಲ್ಲಿ ಹಂಚಿಕೆ ಮಾಡಲಾಗಿದೆ.
ಬೆಲೆ ಏರಿಕೆಯಿಂದ ತತ್ತರಿಸಿರುವ ಜನಸಾಮಾನ್ಯರಿಗೆ ಅನುಕೂಲ ಒದಗಿಸಲು, ಮಾರುಕಟ್ಟೆಯಲ್ಲಿ ದರ ಏರಿಕೆ ನಿಯಂತ್ರಣ ಉದ್ದೇಶದಿಂದ ಭಾರತ್ ಬ್ರ್ಯಾಂಡ್ ಹೆಸರಲ್ಲಿ ಗೋಧಿ ಹಿಟ್ಟು, ಅಕ್ಕಿ ಮಾರಾಟ ಮಾಡಲಾಗುತ್ತಿದೆ ಎಂದು ತಿಳಿಸಿದ್ದಾರೆ.
